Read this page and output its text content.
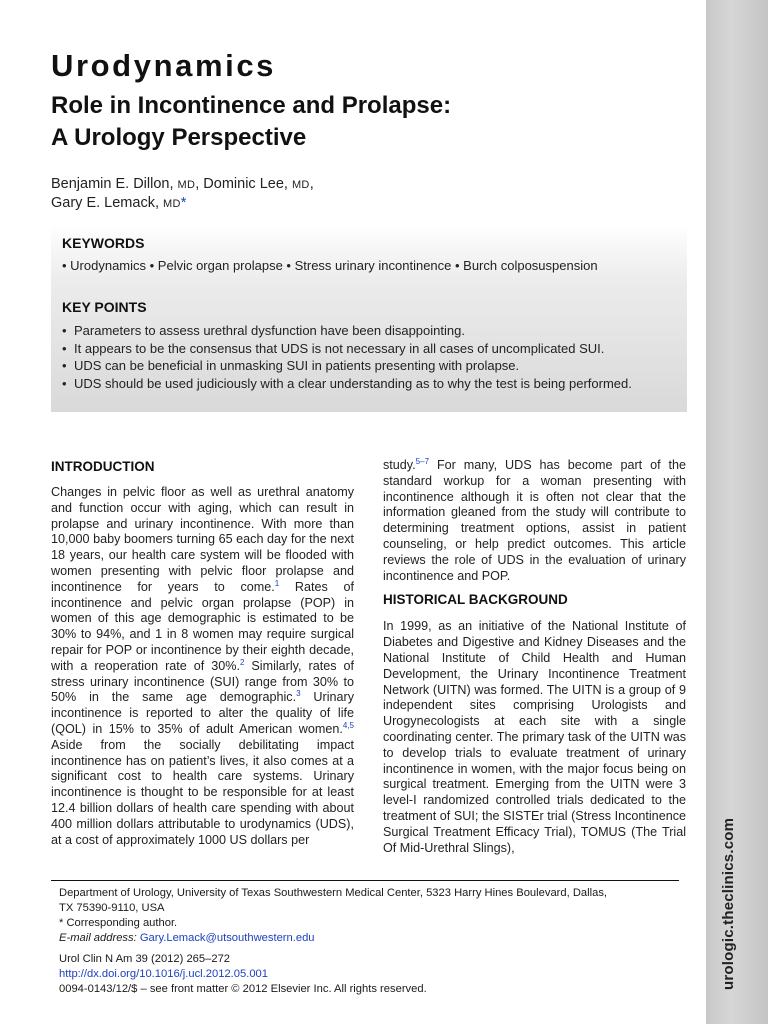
urologic.theclinics.com
Urodynamics
Role in Incontinence and Prolapse:
A Urology Perspective
Benjamin E. Dillon, MD, Dominic Lee, MD,
Gary E. Lemack, MD*
KEYWORDS
• Urodynamics • Pelvic organ prolapse • Stress urinary incontinence • Burch colposuspension
KEY POINTS
• Parameters to assess urethral dysfunction have been disappointing.
• It appears to be the consensus that UDS is not necessary in all cases of uncomplicated SUI.
• UDS can be beneficial in unmasking SUI in patients presenting with prolapse.
• UDS should be used judiciously with a clear understanding as to why the test is being performed.
INTRODUCTION

Changes in pelvic floor as well as urethral anatomy and function occur with aging, which can result in prolapse and urinary incontinence. With more than 10,000 baby boomers turning 65 each day for the next 18 years, our health care system will be flooded with women presenting with pelvic floor prolapse and incontinence for years to come.$^1$ Rates of incontinence and pelvic organ prolapse (POP) in women of this age demographic is estimated to be 30% to 94%, and 1 in 8 women may require surgical repair for POP or incontinence by their eighth decade, with a reoperation rate of 30%.$^2$ Similarly, rates of stress urinary incontinence (SUI) range from 30% to 50% in the same age demographic.$^3$ Urinary incontinence is reported to alter the quality of life (QOL) in 15% to 35% of adult American women.$^{4,5}$ Aside from the socially debilitating impact incontinence has on patient’s lives, it also comes at a significant cost to health care systems. Urinary incontinence is thought to be responsible for at least 12.4 billion dollars of health care spending with about 400 million dollars attributable to urodynamics (UDS), at a cost of approximately 1000 US dollars per

study.$^{5-7}$ For many, UDS has become part of the standard workup for a woman presenting with incontinence although it is often not clear that the information gleaned from the study will contribute to determining treatment options, assist in patient counseling, or help predict outcomes. This article reviews the role of UDS in the evaluation of urinary incontinence and POP.

HISTORICAL BACKGROUND

In 1999, as an initiative of the National Institute of Diabetes and Digestive and Kidney Diseases and the National Institute of Child Health and Human Development, the Urinary Incontinence Treatment Network (UITN) was formed. The UITN is a group of 9 independent sites comprising Urologists and Urogynecologists at each site with a single coordinating center. The primary task of the UITN was to develop trials to evaluate treatment of urinary incontinence in women, with the major focus being on surgical treatment. Emerging from the UITN were 3 level-I randomized controlled trials dedicated to the treatment of SUI; the SISTEr trial (Stress Incontinence Surgical Treatment Efficacy Trial), TOMUS (The Trial Of Mid-Urethral Slings),

Department of Urology, University of Texas Southwestern Medical Center, 5323 Harry Hines Boulevard, Dallas,
TX 75390-9110, USA
* Corresponding author.
E-mail address: Gary.Lemack@utsouthwestern.edu
Urol Clin N Am 39 (2012) 265–272
http://dx.doi.org/10.1016/j.ucl.2012.05.001
0094-0143/12/$ – see front matter © 2012 Elsevier Inc. All rights reserved.
